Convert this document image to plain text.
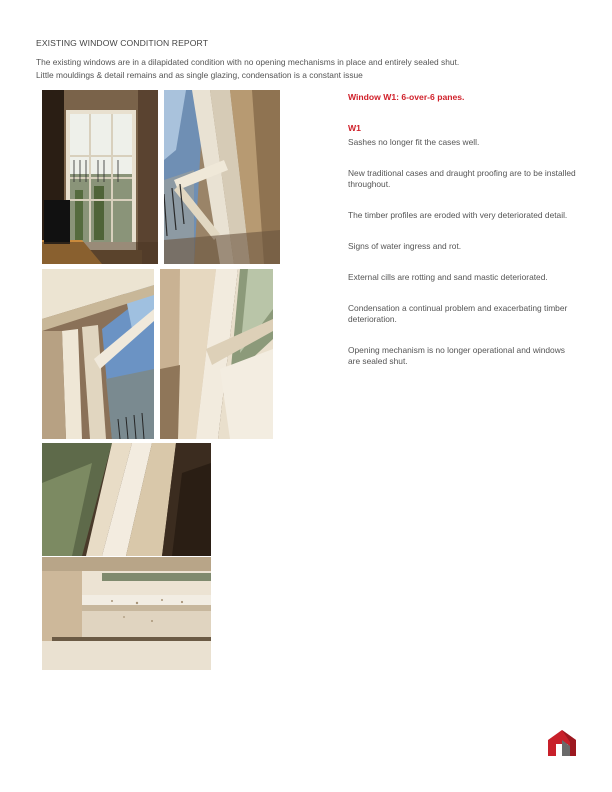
EXISTING WINDOW CONDITION REPORT
The existing windows are in a dilapidated condition with no opening mechanisms in place and entirely sealed shut.
Little mouldings & detail remains and as single glazing, condensation is a constant issue
Window W1: 6-over-6 panes.
W1
Sashes no longer fit the cases well.
New traditional cases and draught proofing are to be installed throughout.
The timber profiles are eroded with very deteriorated detail.
Signs of water ingress and rot.
External cills are rotting and sand mastic deteriorated.
Condensation a continual problem and exacerbating timber deterioration.
Opening mechanism is no longer operational and windows are sealed shut.
